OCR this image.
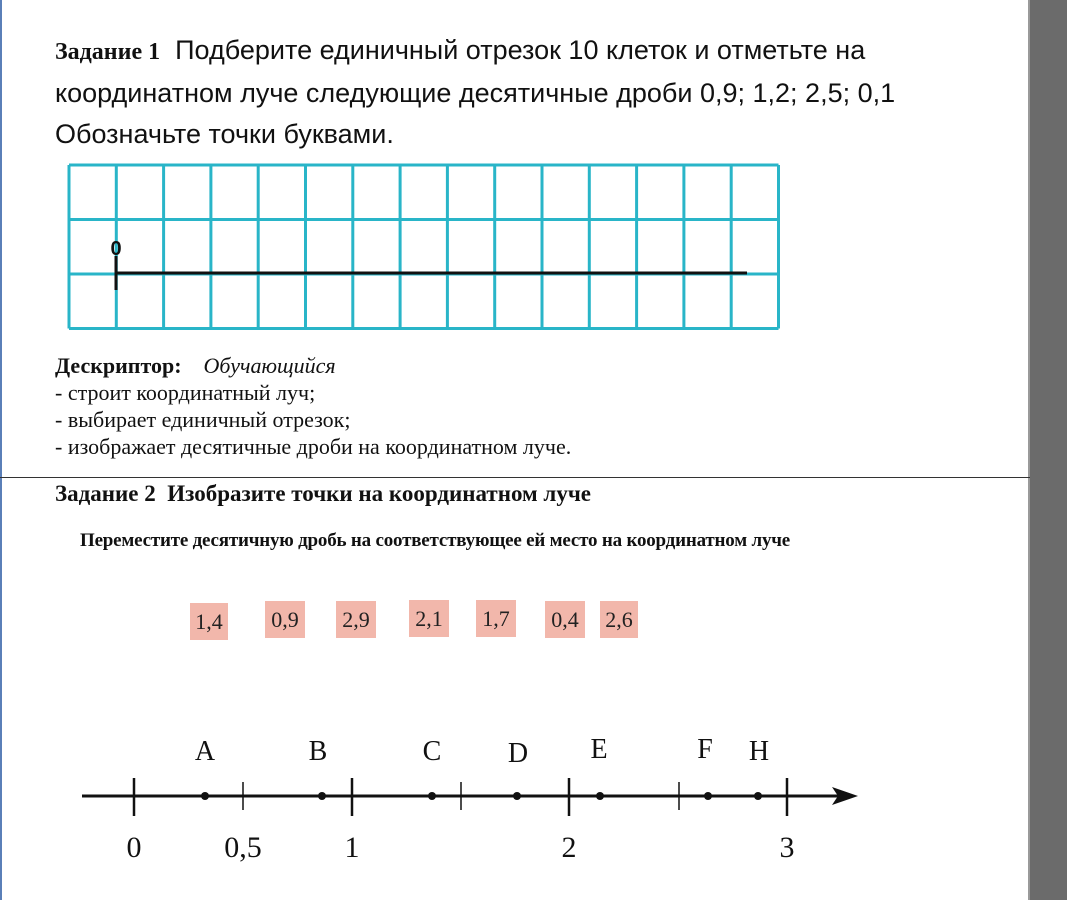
Задание 1 Подберите единичный отрезок 10 клеток и отметьте на
координатном луче следующие десятичные дроби 0,9; 1,2; 2,5; 0,1
Обозначьте точки буквами.
0
Дескриптор: Обучающийся
- строит координатный луч;
- выбирает единичный отрезок;
- изображает десятичные дроби на координатном луче.
Задание 2 Изобразите точки на координатном луче
Переместите десятичную дробь на соответствующее ей место на координатном луче
1,4 0,9 2,9 2,1 1,7 0,4 2,6
0	0,5	1	2	3
A	B	C D E	F H
